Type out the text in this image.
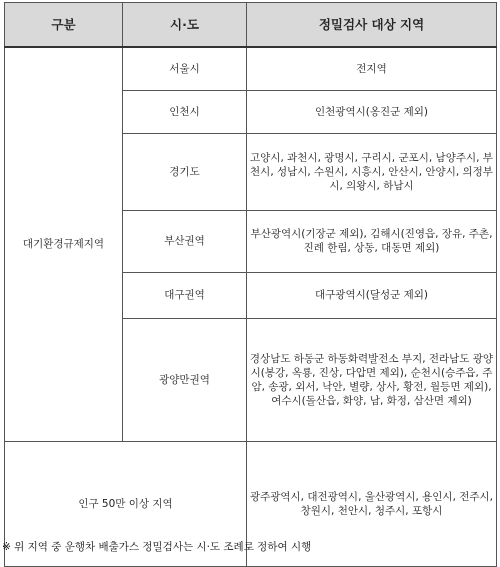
구분	시·도	정밀검사 대상 지역
대기환경규제지역	서울시	전지역
	인천시	인천광역시(옹진군 제외)
	경기도	고양시, 과천시, 광명시, 구리시, 군포시, 남양주시, 부천시, 성남시, 수원시, 시흥시, 안산시, 안양시, 의정부시, 의왕시, 하남시
	부산권역	부산광역시(기장군 제외), 김해시(진영읍, 장유, 주촌, 진례 한림, 상동, 대동면 제외)
	대구권역	대구광역시(달성군 제외)
	광양만권역	경상남도 하동군 하동화력발전소 부지, 전라남도 광양시(봉강, 옥룡, 진상, 다압면 제외), 순천시(승주읍, 주암, 송광, 외서, 낙안, 별량, 상사, 황전, 월등면 제외), 여수시(돌산읍, 화양, 남, 화정, 삼산면 제외)
인구 50만 이상 지역		광주광역시, 대전광역시, 울산광역시, 용인시, 전주시, 창원시, 천안시, 청주시, 포항시
※ 위 지역 중 운행차 배출가스 정밀검사는 시·도 조례로 정하여 시행
